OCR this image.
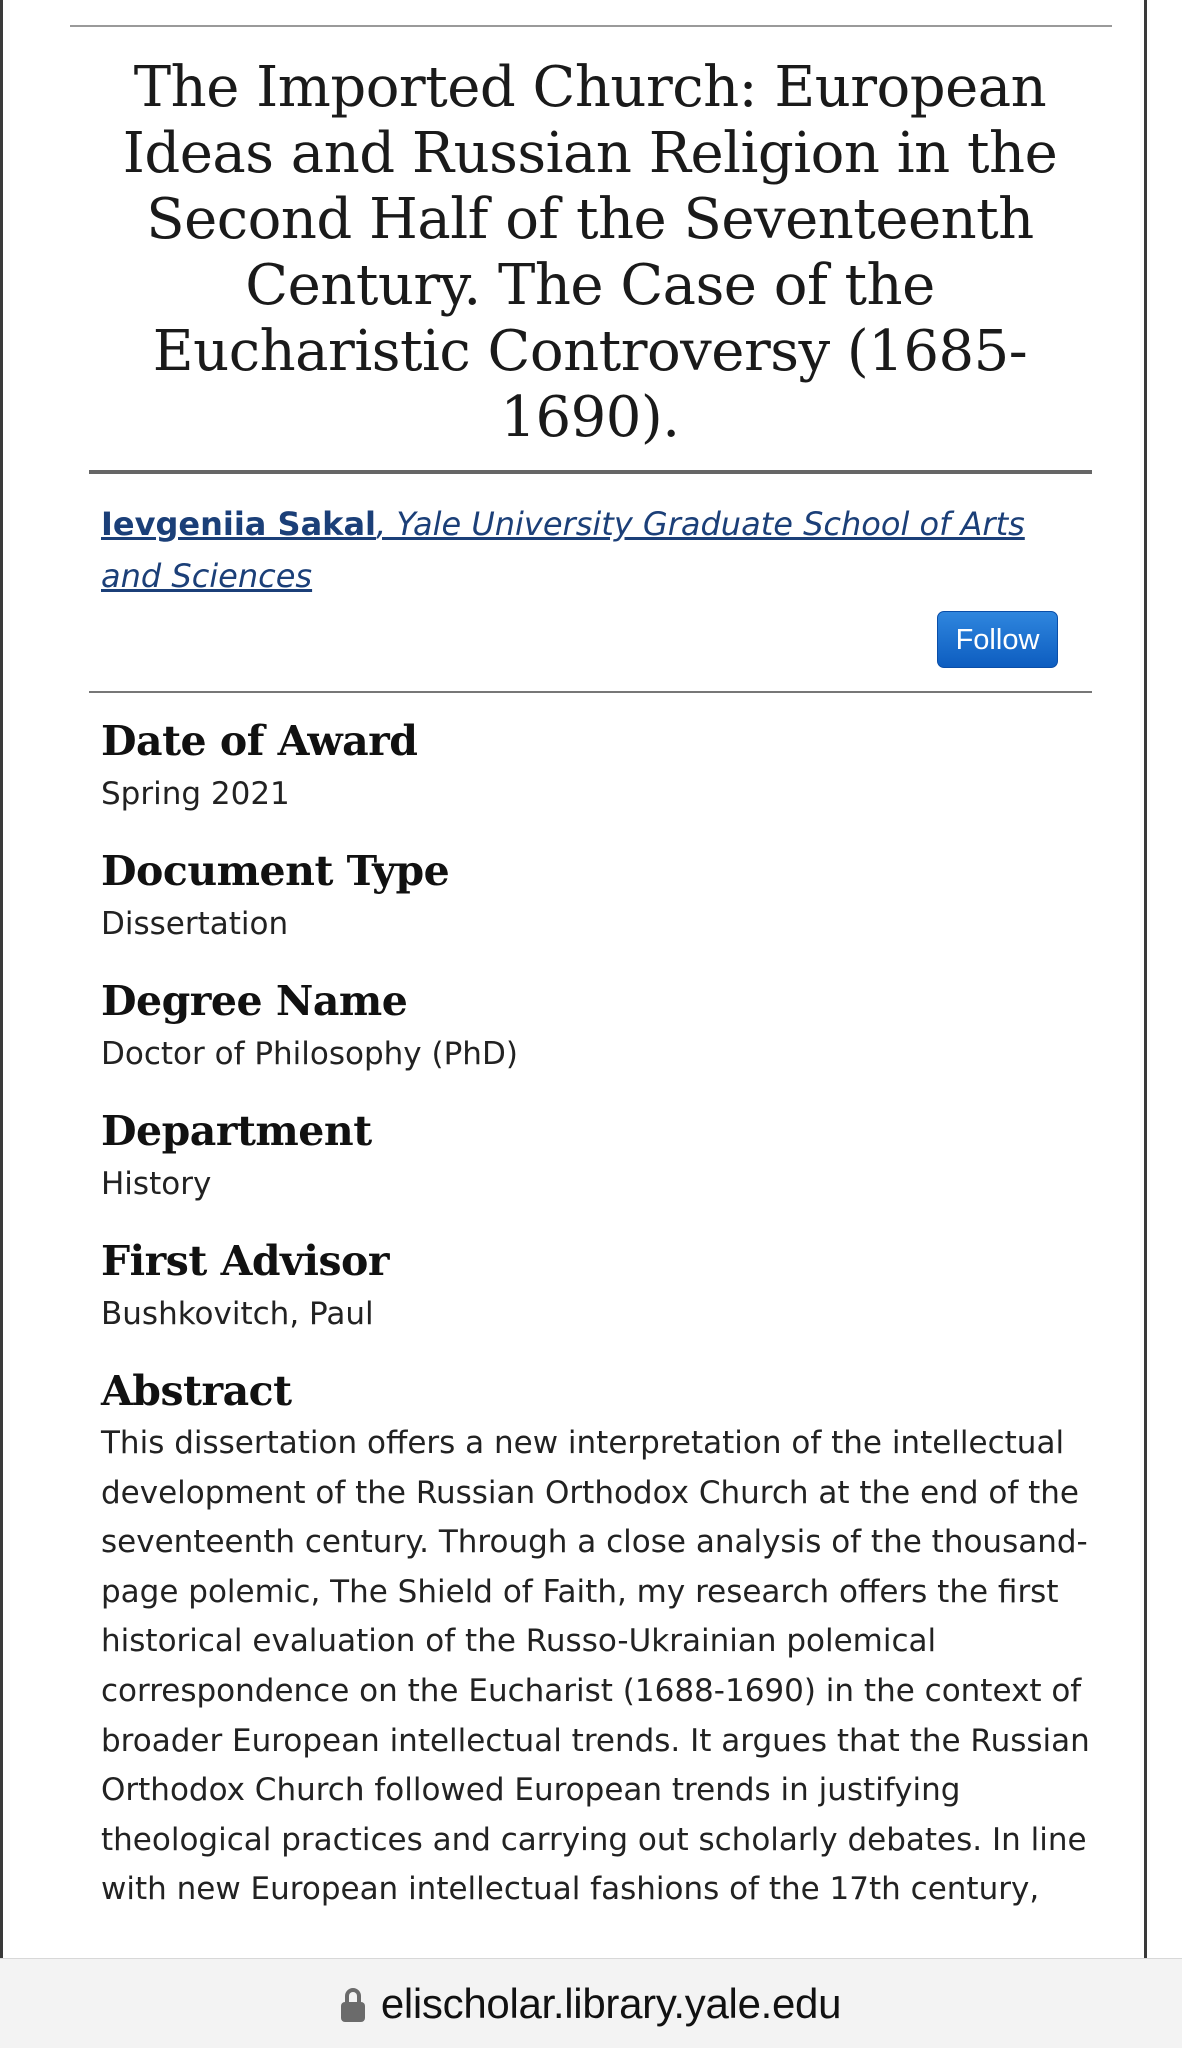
The Imported Church: European Ideas and Russian Religion in the Second Half of the Seventeenth Century. The Case of the Eucharistic Controversy (1685-1690).
Ievgeniia Sakal, Yale University Graduate School of Arts and Sciences
Follow
Date of Award

Spring 2021

Document Type

Dissertation

Degree Name

Doctor of Philosophy (PhD)

Department

History

First Advisor

Bushkovitch, Paul

Abstract

This dissertation offers a new interpretation of the intellectual development of the Russian Orthodox Church at the end of the seventeenth century. Through a close analysis of the thousand-page polemic, The Shield of Faith, my research offers the first historical evaluation of the Russo-Ukrainian polemical correspondence on the Eucharist (1688-1690) in the context of broader European intellectual trends. It argues that the Russian Orthodox Church followed European trends in justifying theological practices and carrying out scholarly debates. In line with new European intellectual fashions of the 17th century,

elischolar.library.yale.edu
